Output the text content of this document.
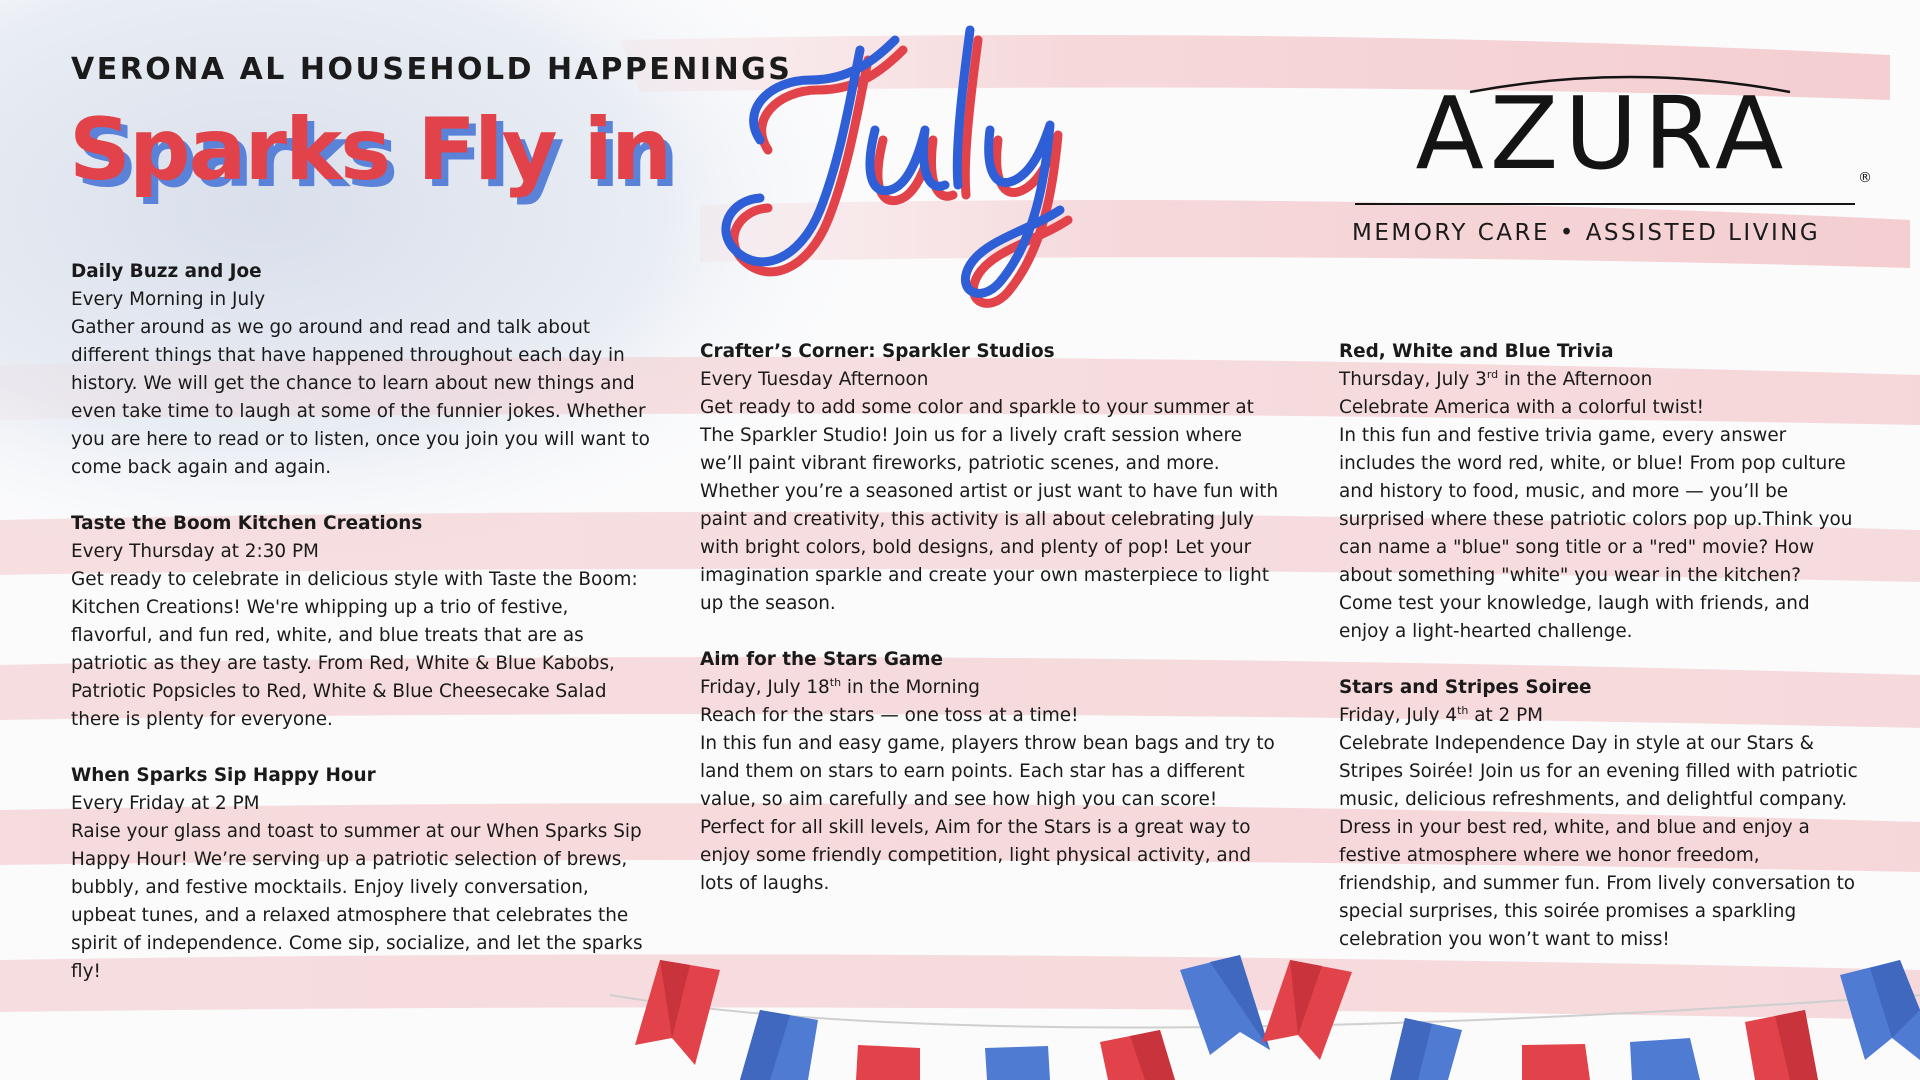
VERONA AL HOUSEHOLD HAPPENINGS
Sparks Fly in	AZURA	®
MEMORY CARE • ASSISTED LIVING

Daily Buzz and Joe

Every Morning in July

Gather around as we go around and read and talk about different things that have happened throughout each day in history. We will get the chance to learn about new things and even take time to laugh at some of the funnier jokes. Whether you are here to read or to listen, once you join you will want to come back again and again.

Taste the Boom Kitchen Creations

Every Thursday at 2:30 PM

Get ready to celebrate in delicious style with Taste the Boom: Kitchen Creations! We're whipping up a trio of festive, flavorful, and fun red, white, and blue treats that are as patriotic as they are tasty. From Red, White & Blue Kabobs, Patriotic Popsicles to Red, White & Blue Cheesecake Salad there is plenty for everyone.

When Sparks Sip Happy Hour

Every Friday at 2 PM

Raise your glass and toast to summer at our When Sparks Sip Happy Hour! We’re serving up a patriotic selection of brews, bubbly, and festive mocktails. Enjoy lively conversation, upbeat tunes, and a relaxed atmosphere that celebrates the spirit of independence. Come sip, socialize, and let the sparks fly!

Crafter’s Corner: Sparkler Studios

Every Tuesday Afternoon

Get ready to add some color and sparkle to your summer at The Sparkler Studio! Join us for a lively craft session where we’ll paint vibrant fireworks, patriotic scenes, and more. Whether you’re a seasoned artist or just want to have fun with paint and creativity, this activity is all about celebrating July with bright colors, bold designs, and plenty of pop! Let your imagination sparkle and create your own masterpiece to light up the season.

Aim for the Stars Game

Friday, July 18th in the Morning

Reach for the stars — one toss at a time!
In this fun and easy game, players throw bean bags and try to land them on stars to earn points. Each star has a different value, so aim carefully and see how high you can score!
Perfect for all skill levels, Aim for the Stars is a great way to enjoy some friendly competition, light physical activity, and lots of laughs.

Red, White and Blue Trivia

Thursday, July 3rd in the Afternoon

Celebrate America with a colorful twist!
In this fun and festive trivia game, every answer includes the word red, white, or blue! From pop culture and history to food, music, and more — you’ll be surprised where these patriotic colors pop up.Think you can name a "blue" song title or a "red" movie? How about something "white" you wear in the kitchen? Come test your knowledge, laugh with friends, and enjoy a light-hearted challenge.

Stars and Stripes Soiree

Friday, July 4th at 2 PM

Celebrate Independence Day in style at our Stars & Stripes Soirée! Join us for an evening filled with patriotic music, delicious refreshments, and delightful company. Dress in your best red, white, and blue and enjoy a festive atmosphere where we honor freedom, friendship, and summer fun. From lively conversation to special surprises, this soirée promises a sparkling celebration you won’t want to miss!
